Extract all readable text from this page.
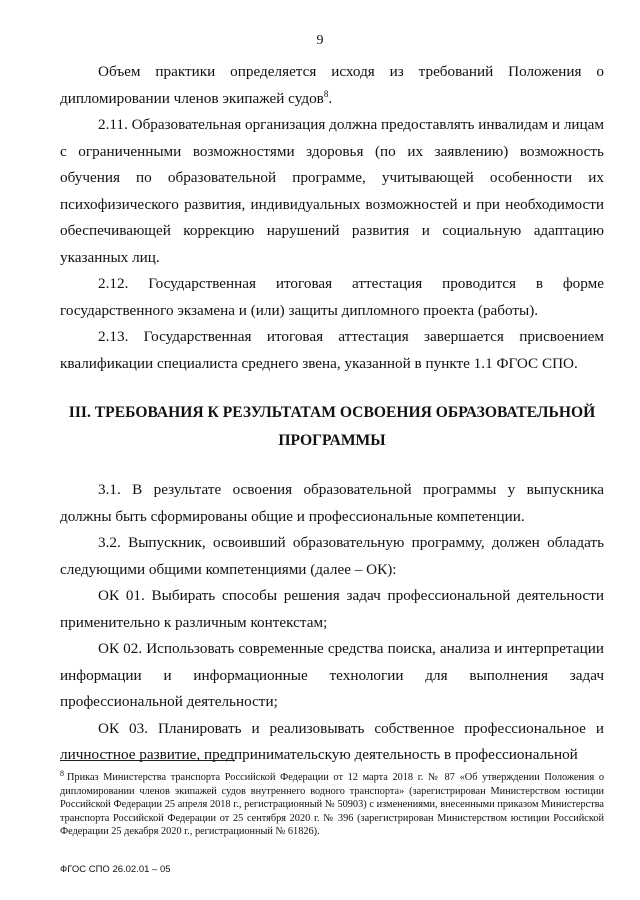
9

Объем практики определяется исходя из требований Положения о дипломировании членов экипажей судов$^8$.

2.11. Образовательная организация должна предоставлять инвалидам и лицам с ограниченными возможностями здоровья (по их заявлению) возможность обучения по образовательной программе, учитывающей особенности их психофизического развития, индивидуальных возможностей и при необходимости обеспечивающей коррекцию нарушений развития и социальную адаптацию указанных лиц.

2.12. Государственная итоговая аттестация проводится в форме государственного экзамена и (или) защиты дипломного проекта (работы).

2.13. Государственная итоговая аттестация завершается присвоением квалификации специалиста среднего звена, указанной в пункте 1.1 ФГОС СПО.

III. ТРЕБОВАНИЯ К РЕЗУЛЬТАТАМ ОСВОЕНИЯ ОБРАЗОВАТЕЛЬНОЙ ПРОГРАММЫ

3.1. В результате освоения образовательной программы у выпускника должны быть сформированы общие и профессиональные компетенции.

3.2. Выпускник, освоивший образовательную программу, должен обладать следующими общими компетенциями (далее – ОК):

ОК 01. Выбирать способы решения задач профессиональной деятельности применительно к различным контекстам;

ОК 02. Использовать современные средства поиска, анализа и интерпретации информации и информационные технологии для выполнения задач профессиональной деятельности;

ОК 03. Планировать и реализовывать собственное профессиональное и личностное развитие, предпринимательскую деятельность в профессиональной

$^8$ Приказ Министерства транспорта Российской Федерации от 12 марта 2018 г. № 87 «Об утверждении Положения о дипломировании членов экипажей судов внутреннего водного транспорта» (зарегистрирован Министерством юстиции Российской Федерации 25 апреля 2018 г., регистрационный № 50903) с изменениями, внесенными приказом Министерства транспорта Российской Федерации от 25 сентября 2020 г. № 396 (зарегистрирован Министерством юстиции Российской Федерации 25 декабря 2020 г., регистрационный № 61826).

ФГОС СПО 26.02.01 – 05
